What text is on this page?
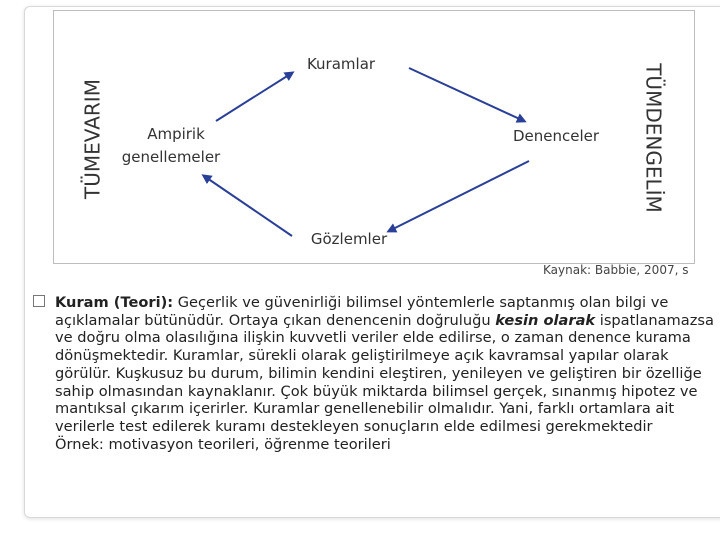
Kuramlar
Denenceler
Gözlemler
Ampirik
genellemeler
TÜMEVARIM	TÜMDENGELİM
Kaynak: Babbie, 2007, s
Kuram (Teori): Geçerlik ve güvenirliği bilimsel yöntemlerle saptanmış olan bilgi ve açıklamalar bütünüdür. Ortaya çıkan denencenin doğruluğu kesin olarak ispatlanamazsa ve doğru olma olasılığına ilişkin kuvvetli veriler elde edilirse, o zaman denence kurama dönüşmektedir. Kuramlar, sürekli olarak geliştirilmeye açık kavramsal yapılar olarak görülür. Kuşkusuz bu durum, bilimin kendini eleştiren, yenileyen ve geliştiren bir özelliğe sahip olmasından kaynaklanır. Çok büyük miktarda bilimsel gerçek, sınanmış hipotez ve mantıksal çıkarım içerirler. Kuramlar genellenebilir olmalıdır. Yani, farklı ortamlara ait verilerle test edilerek kuramı destekleyen sonuçların elde edilmesi gerekmektedir
Örnek: motivasyon teorileri, öğrenme teorileri
